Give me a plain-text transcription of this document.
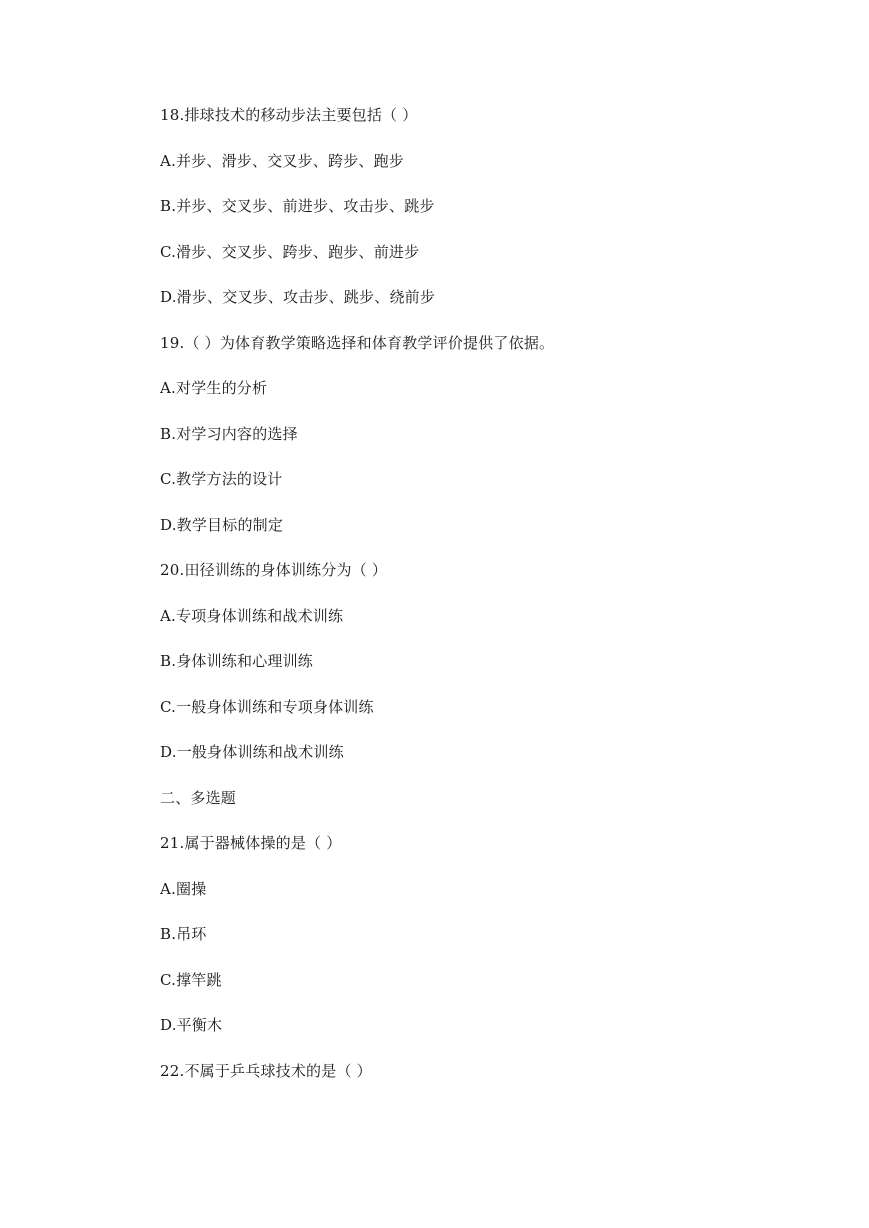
18.排球技术的移动步法主要包括（ ）

A.并步、滑步、交叉步、跨步、跑步

B.并步、交叉步、前进步、攻击步、跳步

C.滑步、交叉步、跨步、跑步、前进步

D.滑步、交叉步、攻击步、跳步、绕前步

19.（ ）为体育教学策略选择和体育教学评价提供了依据。

A.对学生的分析

B.对学习内容的选择

C.教学方法的设计

D.教学目标的制定

20.田径训练的身体训练分为（ ）

A.专项身体训练和战术训练

B.身体训练和心理训练

C.一般身体训练和专项身体训练

D.一般身体训练和战术训练

二、多选题

21.属于器械体操的是（ ）

A.圈操

B.吊环

C.撑竿跳

D.平衡木

22.不属于乒乓球技术的是（ ）
